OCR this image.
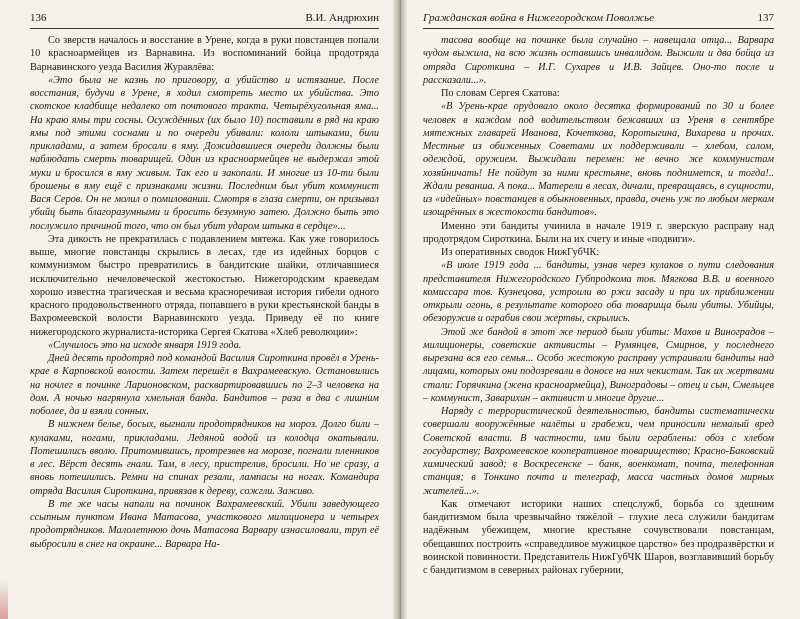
136	В.И. Андрюхин

Со зверств началось и восстание в Урене, когда в руки повстанцев попали 10 красноармейцев из Варнавина. Из воспоминаний бойца продотряда Варнавинского уезда Василия Журавлёва:

«Это была не казнь по приговору, а убийство и истязание. После восстания, будучи в Урене, я ходил смотреть место их убийства. Это скотское кладбище недалеко от почтового тракта. Четырёхугольная яма... На краю ямы три сосны. Осуждённых (их было 10) поставили в ряд на краю ямы под этими соснами и по очереди убивали: кололи штыками, били прикладами, а затем бросали в яму. Дожидавшиеся очереди должны были наблюдать смерть товарищей. Один из красноармейцев не выдержал этой муки и бросился в яму живым. Так его и закопали. И многие из 10-ти были брошены в яму ещё с признаками жизни. Последним был убит коммунист Вася Серов. Он не молил о помиловании. Смотря в глаза смерти, он призывал убийц быть благоразумными и бросить безумную затею. Должно быть это послужило причиной того, что он был убит ударом штыка в сердце»...

Эта дикость не прекратилась с подавлением мятежа. Как уже говорилось выше, многие повстанцы скрылись в лесах, где из идейных борцов с коммунизмом быстро превратились в бандитские шайки, отличавшиеся исключительно нечеловеческой жестокостью. Нижегородским краеведам хорошо известна трагическая и весьма красноречивая история гибели одного красного продовольственного отряда, попавшего в руки крестьянской банды в Вахромеевской волости Варнавинского уезда. Приведу её по книге нижегородского журналиста-историка Сергея Скатова «Хлеб революции»:

«Случилось это на исходе января 1919 года.

Дней десять продотряд под командой Василия Сироткина провёл в Урень-крае в Карповской волости. Затем перешёл в Вахрамеевскую. Остановились на ночлег в починке Ларионовском, расквартировавшись по 2–3 человека на дом. А ночью нагрянула хмельная банда. Бандитов – раза в два с лишним поболее, да и взяли сонных.

В нижнем белье, босых, выгнали продотрядников на мороз. Долго били – кулаками, ногами, прикладами. Ледяной водой из колодца окатывали. Потешились вволю. Притомившись, протрезвев на морозе, погнали пленников в лес. Вёрст десять гнали. Там, в лесу, пристрелив, бросили. Но не сразу, а вновь потешились. Ремни на спинах резали, лампасы на ногах. Командира отряда Василия Сироткина, привязав к дереву, сожгли. Заживо.

В те же часы напали на починок Вахрамеевский. Убили заведующего ссыпным пунктом Ивана Матасова, участкового милиционера и четырех продотрядников. Малолетнюю дочь Матасова Варвару изнасиловали, труп её выбросили в снег на окраине... Варвара На-

Гражданская война в Нижегородском Поволжье	137

тасова вообще на починке была случайно – навещала отца... Варвара чудом выжила, на всю жизнь оставшись инвалидом. Выжили и два бойца из отряда Сироткина – И.Г. Сухарев и И.В. Зайцев. Оно-то после и рассказали...».

По словам Сергея Скатова:

«В Урень-крае орудовало около десятка формирований по 30 и более человек в каждом под водительством бежавших из Уреня в сентябре мятежных главарей Иванова, Кочеткова, Коротыгина, Вихарева и прочих. Местные из обиженных Советами их поддерживали – хлебом, салом, одеждой, оружием. Выжидали перемен: не вечно же коммунистам хозяйничать! Не пойдут за ними крестьяне, вновь поднимется, и тогда!.. Ждали реванша. А пока... Матерели в лесах, дичали, превращаясь, в сущности, из «идейных» повстанцев в обыкновенных, правда, очень уж по любым меркам изощрённых в жестокости бандитов».

Именно эти бандиты учинила в начале 1919 г. зверскую расправу над продотрядом Сироткина. Были на их счету и иные «подвиги».

Из оперативных сводок НижГубЧК:

«В июле 1919 года ... бандиты, узнав через кулаков о пути следования представителя Нижегородского Губпродкома тов. Мягкова В.В. и военного комиссара тов. Кузнецова, устроили во ржи засаду и при их приближении открыли огонь, в результате которого оба товарища были убиты. Убийцы, обезоружив и ограбив свои жертвы, скрылись.

Этой же бандой в этот же период были убиты: Махов и Виноградов – милиционеры, советские активисты – Румянцев, Смирнов, у последнего вырезана вся его семья... Особо жестокую расправу устраивали бандиты над лицами, которых они подозревали в доносе на них чекистам. Так их жертвами стали: Горячкина (жена красноармейца), Виноградовы – отец и сын, Смельцев – коммунист, Заварихин – активист и многие другие...

Наряду с террористической деятельностью, бандиты систематически совершали вооружённые налёты и грабежи, чем приносили немалый вред Советской власти. В частности, ими были ограблены: обоз с хлебом государству; Вахромеевское кооперативное товарищество; Красно-Баковский химический завод; в Воскресенске – банк, военкомат, почта, телефонная станция; в Тонкино почта и телеграф, масса частных домов мирных жителей...».

Как отмечают историки наших спецслужб, борьба со здешним бандитизмом была чрезвычайно тяжёлой – глухие леса служили бандитам надёжным убежищем, многие крестьяне сочувствовали повстанцам, обещавших построить «справедливое мужицкое царство» без продразвёрстки и воинской повинности. Представитель НижГубЧК Шаров, возглавивший борьбу с бандитизмом в северных районах губернии,
